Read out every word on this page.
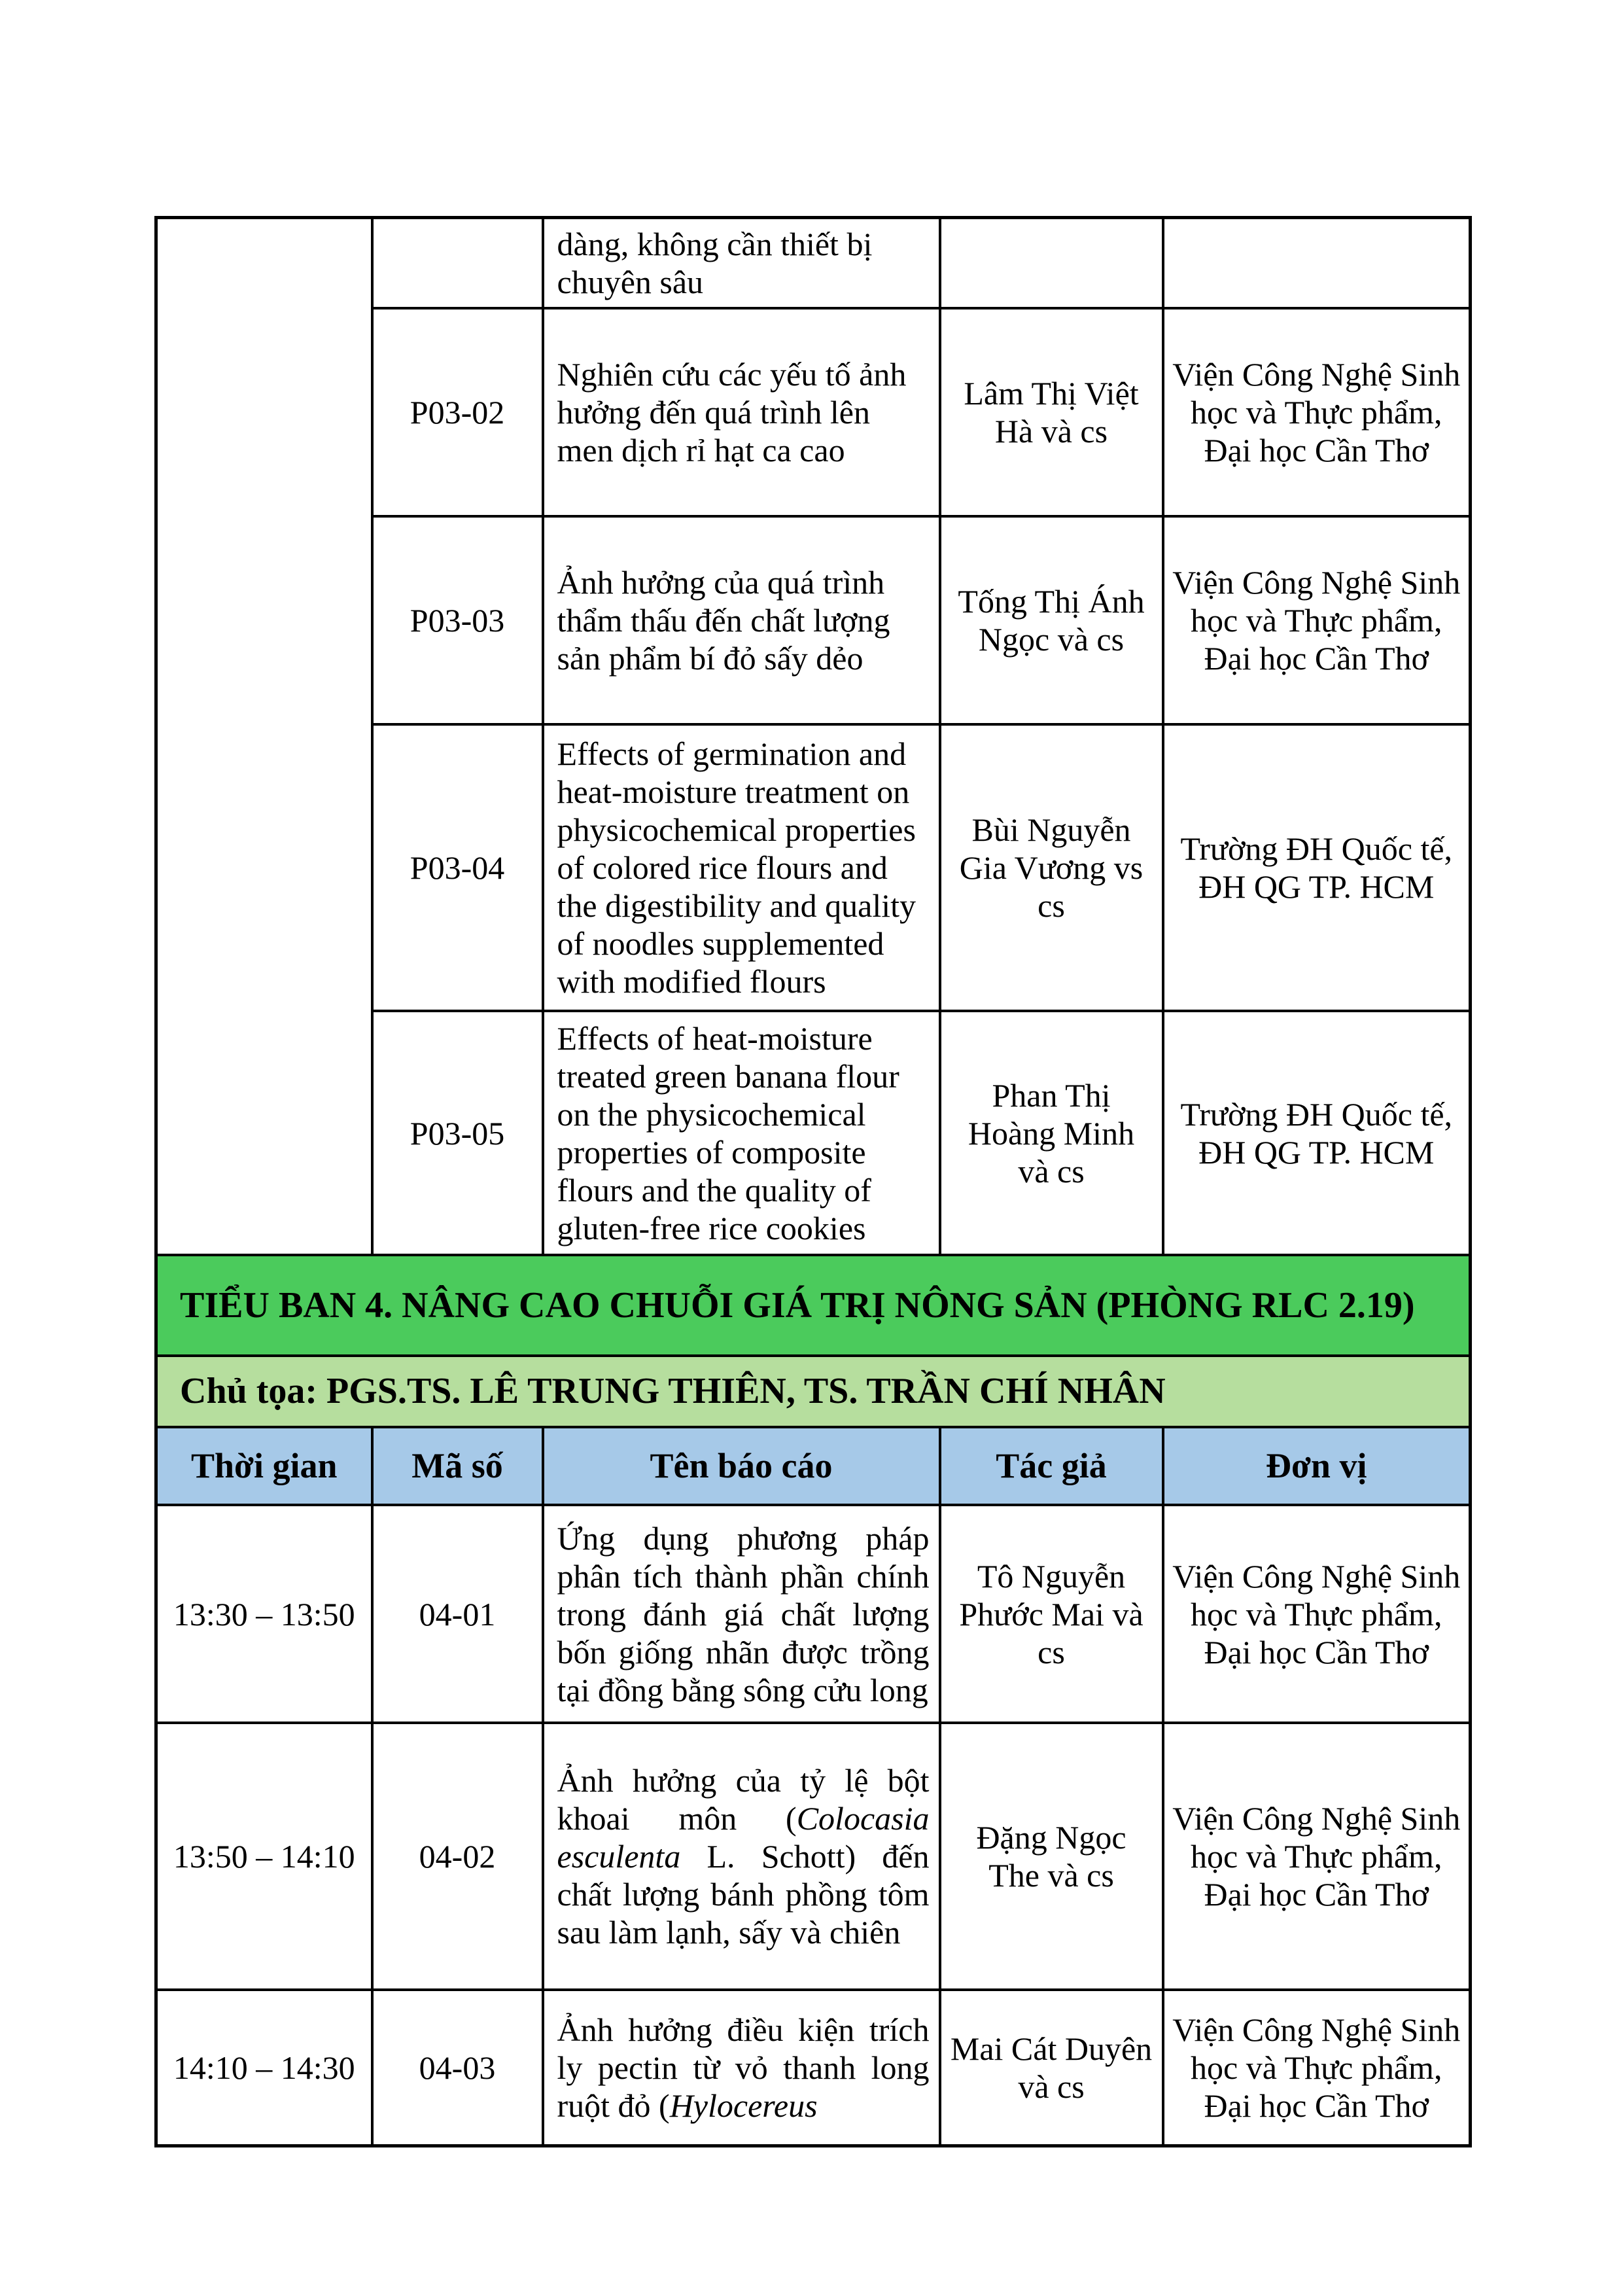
		dàng, không cần thiết bị chuyên sâu		
	P03-02	Nghiên cứu các yếu tố ảnh hưởng đến quá trình lên men dịch rỉ hạt ca cao	Lâm Thị Việt Hà và cs	Viện Công Nghệ Sinh học và Thực phẩm, Đại học Cần Thơ
	P03-03	Ảnh hưởng của quá trình thẩm thấu đến chất lượng sản phẩm bí đỏ sấy dẻo	Tống Thị Ánh Ngọc và cs	Viện Công Nghệ Sinh học và Thực phẩm, Đại học Cần Thơ
	P03-04	Effects of germination and heat-moisture treatment on physicochemical properties of colored rice flours and the digestibility and quality of noodles supplemented with modified flours	Bùi Nguyễn Gia Vương vs cs	Trường ĐH Quốc tế, ĐH QG TP. HCM
	P03-05	Effects of heat-moisture treated green banana flour on the physicochemical properties of composite flours and the quality of gluten-free rice cookies	Phan Thị Hoàng Minh và cs	Trường ĐH Quốc tế, ĐH QG TP. HCM
TIỂU BAN 4. NÂNG CAO CHUỖI GIÁ TRỊ NÔNG SẢN (PHÒNG RLC 2.19)				
Chủ tọa: PGS.TS. LÊ TRUNG THIÊN, TS. TRẦN CHÍ NHÂN				
Thời gian	Mã số	Tên báo cáo	Tác giả	Đơn vị
13:30 – 13:50	04-01	Ứng dụng phương pháp phân tích thành phần chính trong đánh giá chất lượng bốn giống nhãn được trồng tại đồng bằng sông cửu long	Tô Nguyễn Phước Mai và cs	Viện Công Nghệ Sinh học và Thực phẩm, Đại học Cần Thơ
13:50 – 14:10	04-02	Ảnh hưởng của tỷ lệ bột khoai môn (Colocasia esculenta L. Schott) đến chất lượng bánh phồng tôm sau làm lạnh, sấy và chiên	Đặng Ngọc The và cs	Viện Công Nghệ Sinh học và Thực phẩm, Đại học Cần Thơ
14:10 – 14:30	04-03	Ảnh hưởng điều kiện trích ly pectin từ vỏ thanh long ruột đỏ (Hylocereus	Mai Cát Duyên và cs	Viện Công Nghệ Sinh học và Thực phẩm, Đại học Cần Thơ
